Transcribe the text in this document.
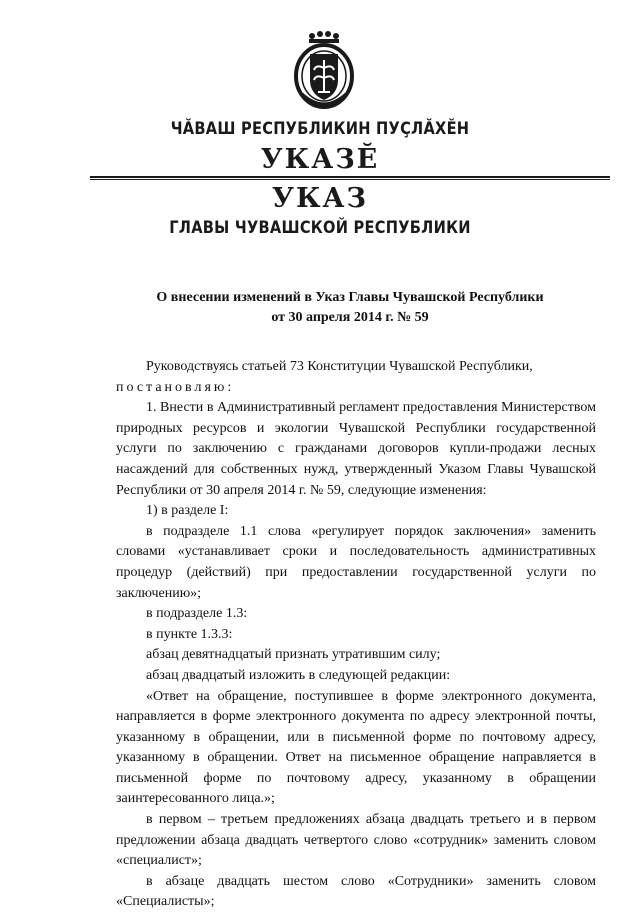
ЧӐВАШ РЕСПУБЛИКИН ПУҪЛӐХӖН
УКАЗӖ
УКАЗ
ГЛАВЫ ЧУВАШСКОЙ РЕСПУБЛИКИ
О внесении изменений в Указ Главы Чувашской Республики
от 30 апреля 2014 г. № 59

Руководствуясь статьей 73 Конституции Чувашской Республики,

постановляю:

1. Внести в Административный регламент предоставления Министерством природных ресурсов и экологии Чувашской Республики государственной услуги по заключению с гражданами договоров купли-продажи лесных насаждений для собственных нужд, утвержденный Указом Главы Чувашской Республики от 30 апреля 2014 г. № 59, следующие изменения:

1) в разделе I:

в подразделе 1.1 слова «регулирует порядок заключения» заменить словами «устанавливает сроки и последовательность административных процедур (действий) при предоставлении государственной услуги по заключению»;

в подразделе 1.3:

в пункте 1.3.3:

абзац девятнадцатый признать утратившим силу;

абзац двадцатый изложить в следующей редакции:

«Ответ на обращение, поступившее в форме электронного документа, направляется в форме электронного документа по адресу электронной почты, указанному в обращении, или в письменной форме по почтовому адресу, указанному в обращении. Ответ на письменное обращение направляется в письменной форме по почтовому адресу, указанному в обращении заинтересованного лица.»;

в первом – третьем предложениях абзаца двадцать третьего и в первом предложении абзаца двадцать четвертого слово «сотрудник» заменить словом «специалист»;

в абзаце двадцать шестом слово «Сотрудники» заменить словом «Специалисты»;
